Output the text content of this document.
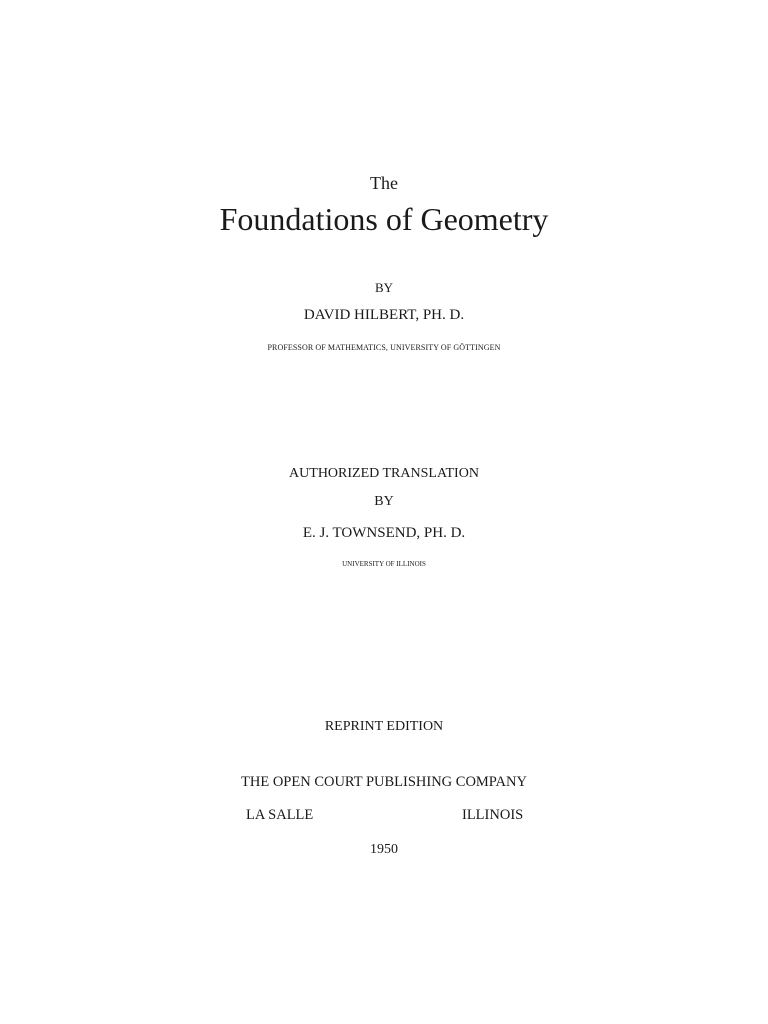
The
Foundations of Geometry
BY
DAVID HILBERT, PH. D.
PROFESSOR OF MATHEMATICS, UNIVERSITY OF GÖTTINGEN
AUTHORIZED TRANSLATION
BY
E. J. TOWNSEND, PH. D.
UNIVERSITY OF ILLINOIS
REPRINT EDITION
THE OPEN COURT PUBLISHING COMPANY
LA SALLE	ILLINOIS
1950
